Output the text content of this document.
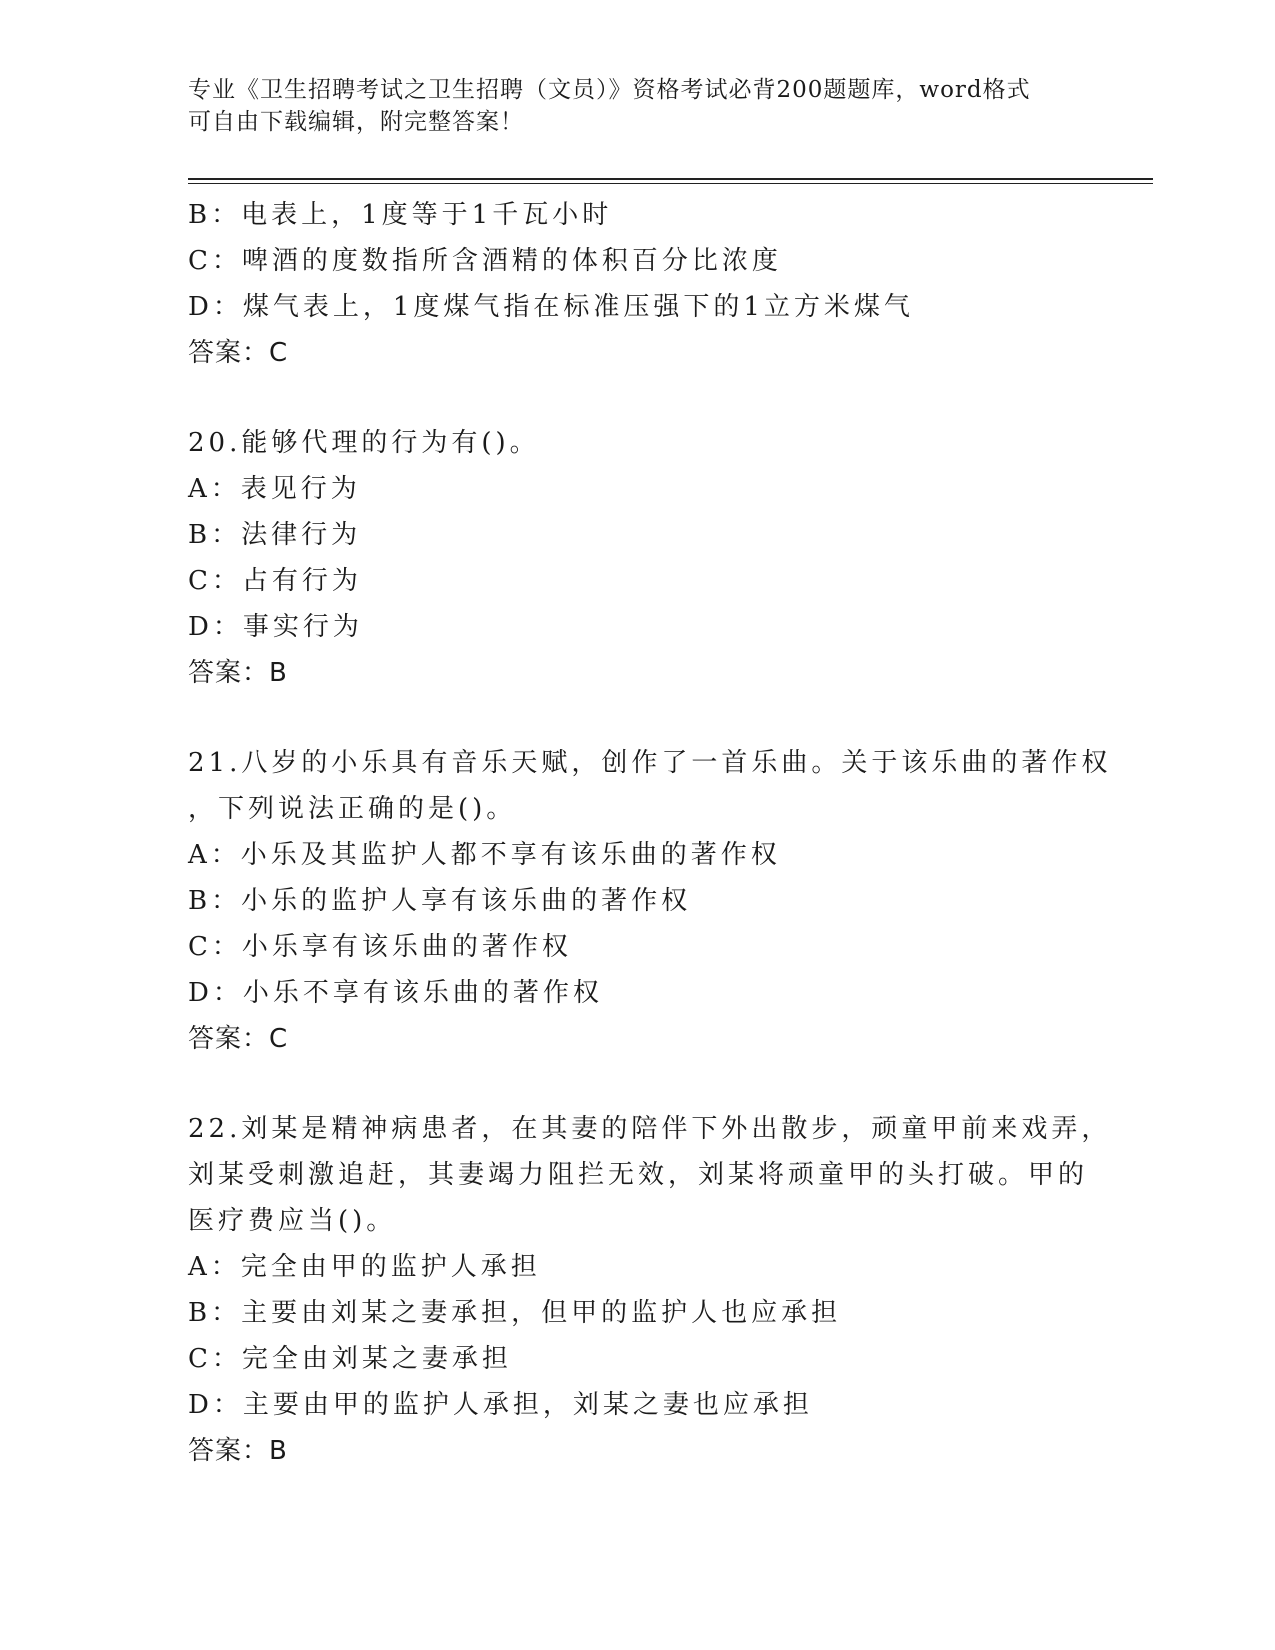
专业《卫生招聘考试之卫生招聘（文员）》资格考试必背200题题库，word格式
可自由下载编辑，附完整答案！
B：电表上，1度等于1千瓦小时
C：啤酒的度数指所含酒精的体积百分比浓度
D：煤气表上，1度煤气指在标准压强下的1立方米煤气
答案：C
20.能够代理的行为有()。
A：表见行为
B：法律行为
C：占有行为
D：事实行为
答案：B
21.八岁的小乐具有音乐天赋，创作了一首乐曲。关于该乐曲的著作权
，下列说法正确的是()。
A：小乐及其监护人都不享有该乐曲的著作权
B：小乐的监护人享有该乐曲的著作权
C：小乐享有该乐曲的著作权
D：小乐不享有该乐曲的著作权
答案：C
22.刘某是精神病患者，在其妻的陪伴下外出散步，顽童甲前来戏弄，
刘某受刺激追赶，其妻竭力阻拦无效，刘某将顽童甲的头打破。甲的
医疗费应当()。
A：完全由甲的监护人承担
B：主要由刘某之妻承担，但甲的监护人也应承担
C：完全由刘某之妻承担
D：主要由甲的监护人承担，刘某之妻也应承担
答案：B
